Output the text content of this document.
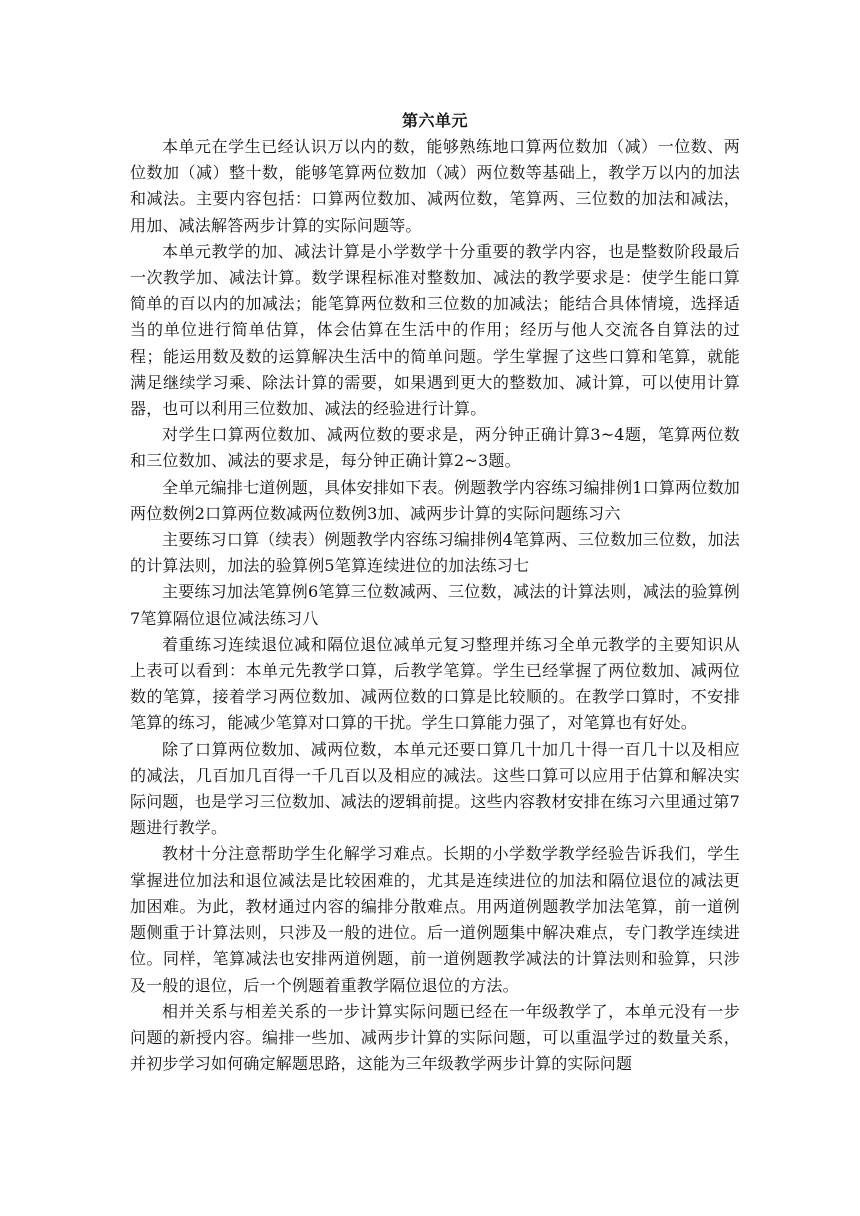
第六单元

本单元在学生已经认识万以内的数，能够熟练地口算两位数加（减）一位数、两位数加（减）整十数，能够笔算两位数加（减）两位数等基础上，教学万以内的加法和减法。主要内容包括：口算两位数加、减两位数，笔算两、三位数的加法和减法，用加、减法解答两步计算的实际问题等。

本单元教学的加、减法计算是小学数学十分重要的教学内容，也是整数阶段最后一次教学加、减法计算。数学课程标准对整数加、减法的教学要求是：使学生能口算简单的百以内的加减法；能笔算两位数和三位数的加减法；能结合具体情境，选择适当的单位进行简单估算，体会估算在生活中的作用；经历与他人交流各自算法的过程；能运用数及数的运算解决生活中的简单问题。学生掌握了这些口算和笔算，就能满足继续学习乘、除法计算的需要，如果遇到更大的整数加、减计算，可以使用计算器，也可以利用三位数加、减法的经验进行计算。

对学生口算两位数加、减两位数的要求是，两分钟正确计算3~4题，笔算两位数和三位数加、减法的要求是，每分钟正确计算2~3题。

全单元编排七道例题，具体安排如下表。例题教学内容练习编排例1口算两位数加两位数例2口算两位数减两位数例3加、减两步计算的实际问题练习六

主要练习口算（续表）例题教学内容练习编排例4笔算两、三位数加三位数，加法的计算法则，加法的验算例5笔算连续进位的加法练习七

主要练习加法笔算例6笔算三位数减两、三位数，减法的计算法则，减法的验算例7笔算隔位退位减法练习八

着重练习连续退位减和隔位退位减单元复习整理并练习全单元教学的主要知识从上表可以看到：本单元先教学口算，后教学笔算。学生已经掌握了两位数加、减两位数的笔算，接着学习两位数加、减两位数的口算是比较顺的。在教学口算时，不安排笔算的练习，能减少笔算对口算的干扰。学生口算能力强了，对笔算也有好处。

除了口算两位数加、减两位数，本单元还要口算几十加几十得一百几十以及相应的减法，几百加几百得一千几百以及相应的减法。这些口算可以应用于估算和解决实际问题，也是学习三位数加、减法的逻辑前提。这些内容教材安排在练习六里通过第7题进行教学。

教材十分注意帮助学生化解学习难点。长期的小学数学教学经验告诉我们，学生掌握进位加法和退位减法是比较困难的，尤其是连续进位的加法和隔位退位的减法更加困难。为此，教材通过内容的编排分散难点。用两道例题教学加法笔算，前一道例题侧重于计算法则，只涉及一般的进位。后一道例题集中解决难点，专门教学连续进位。同样，笔算减法也安排两道例题，前一道例题教学减法的计算法则和验算，只涉及一般的退位，后一个例题着重教学隔位退位的方法。

相并关系与相差关系的一步计算实际问题已经在一年级教学了，本单元没有一步问题的新授内容。编排一些加、减两步计算的实际问题，可以重温学过的数量关系，并初步学习如何确定解题思路，这能为三年级教学两步计算的实际问题
